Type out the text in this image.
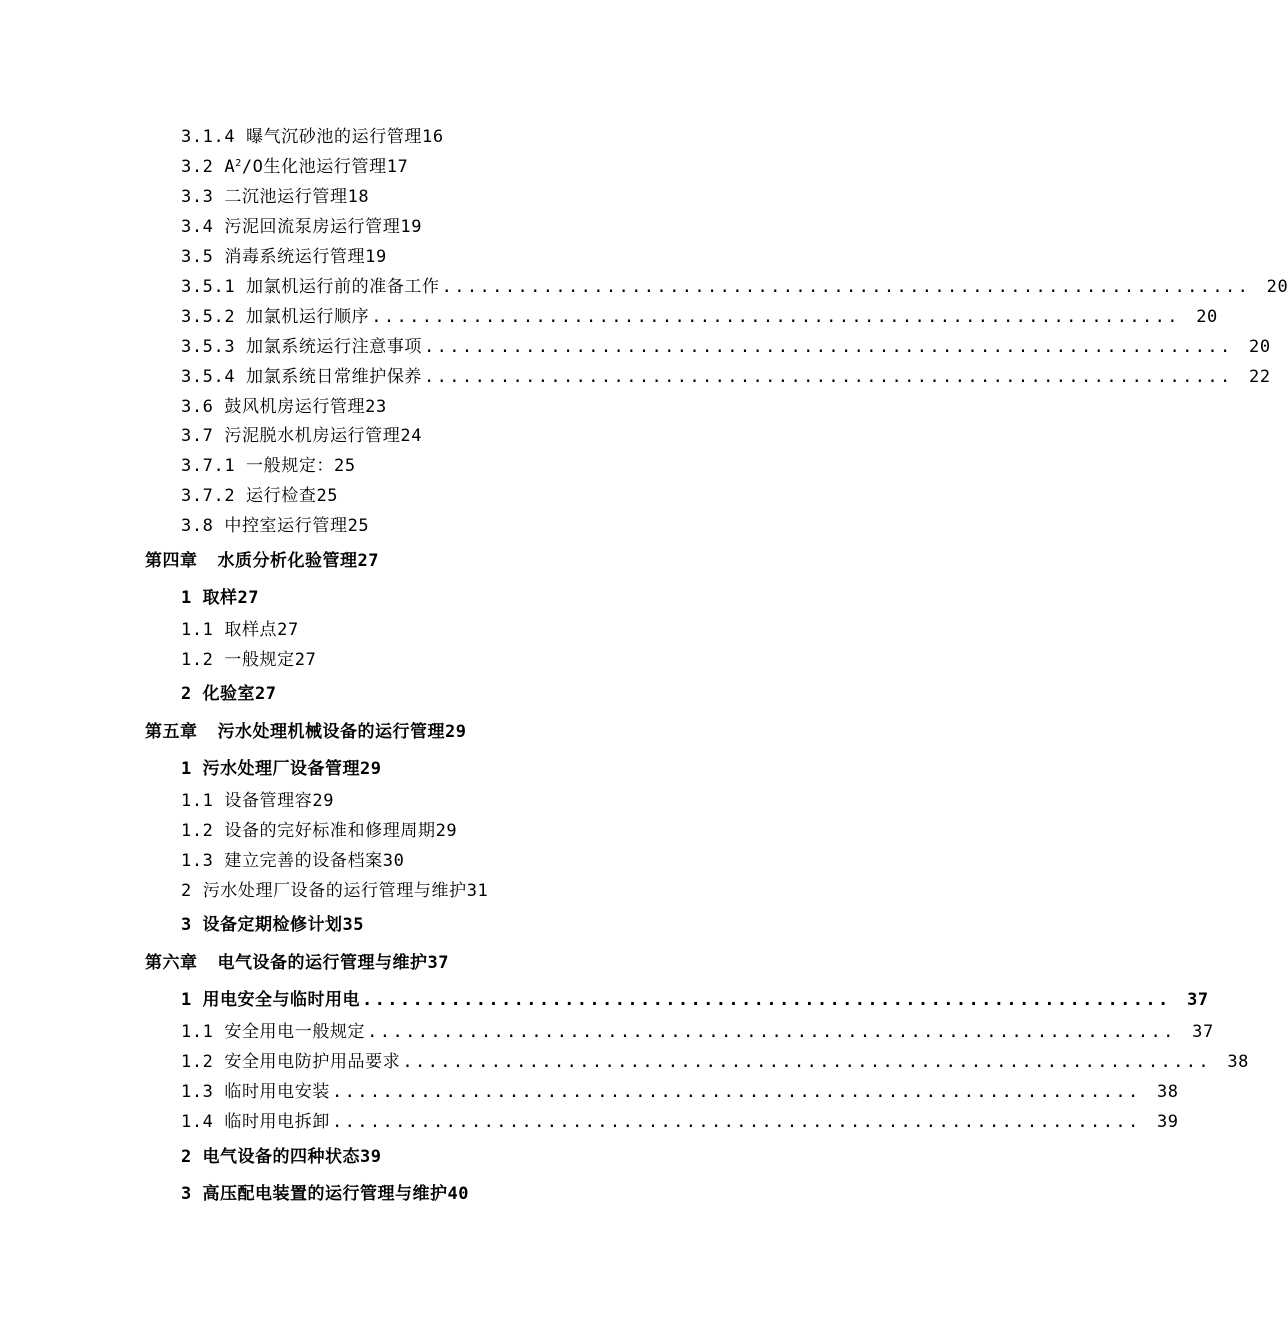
3.1.4 曝气沉砂池的运行管理16
3.2 $A^2/O$生化池运行管理17
3.3 二沉池运行管理18
3.4 污泥回流泵房运行管理19
3.5 消毒系统运行管理19
3.5.1 加氯机运行前的准备工作 ................................................................ 20
3.5.2 加氯机运行顺序 ................................................................ 20
3.5.3 加氯系统运行注意事项 ................................................................ 20
3.5.4 加氯系统日常维护保养 ................................................................ 22
3.6 鼓风机房运行管理23
3.7 污泥脱水机房运行管理24
3.7.1 一般规定：25
3.7.2 运行检查25
3.8 中控室运行管理25
第四章 水质分析化验管理27
1 取样27
1.1 取样点27
1.2 一般规定27
2 化验室27
第五章 污水处理机械设备的运行管理29
1 污水处理厂设备管理29
1.1 设备管理容29
1.2 设备的完好标准和修理周期29
1.3 建立完善的设备档案30
2 污水处理厂设备的运行管理与维护31
3 设备定期检修计划35
第六章 电气设备的运行管理与维护37
1 用电安全与临时用电 ................................................................ 37
1.1 安全用电一般规定 ................................................................ 37
1.2 安全用电防护用品要求 ................................................................ 38
1.3 临时用电安装 ................................................................ 38
1.4 临时用电拆卸 ................................................................ 39
2 电气设备的四种状态39
3 高压配电装置的运行管理与维护40
